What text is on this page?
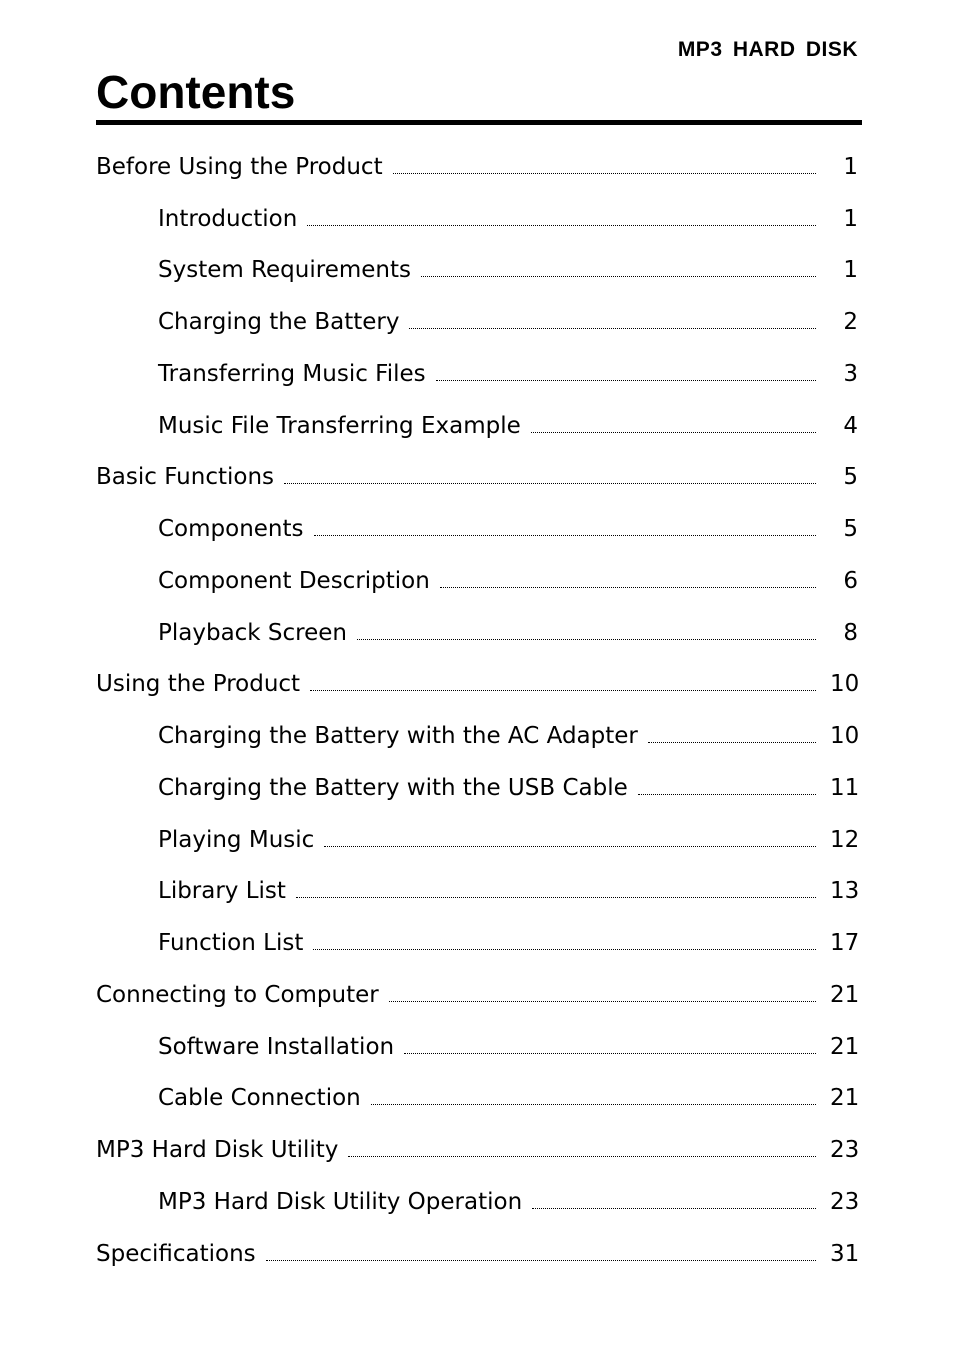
MP3 HARD DISK
Contents
Before Using the Product	1
Introduction	1
System Requirements	1
Charging the Battery	2
Transferring Music Files	3
Music File Transferring Example	4
Basic Functions	5
Components	5
Component Description	6
Playback Screen	8
Using the Product	10
Charging the Battery with the AC Adapter	10
Charging the Battery with the USB Cable	11
Playing Music	12
Library List	13
Function List	17
Connecting to Computer	21
Software Installation	21
Cable Connection	21
MP3 Hard Disk Utility	23
MP3 Hard Disk Utility Operation	23
Specifications	31
